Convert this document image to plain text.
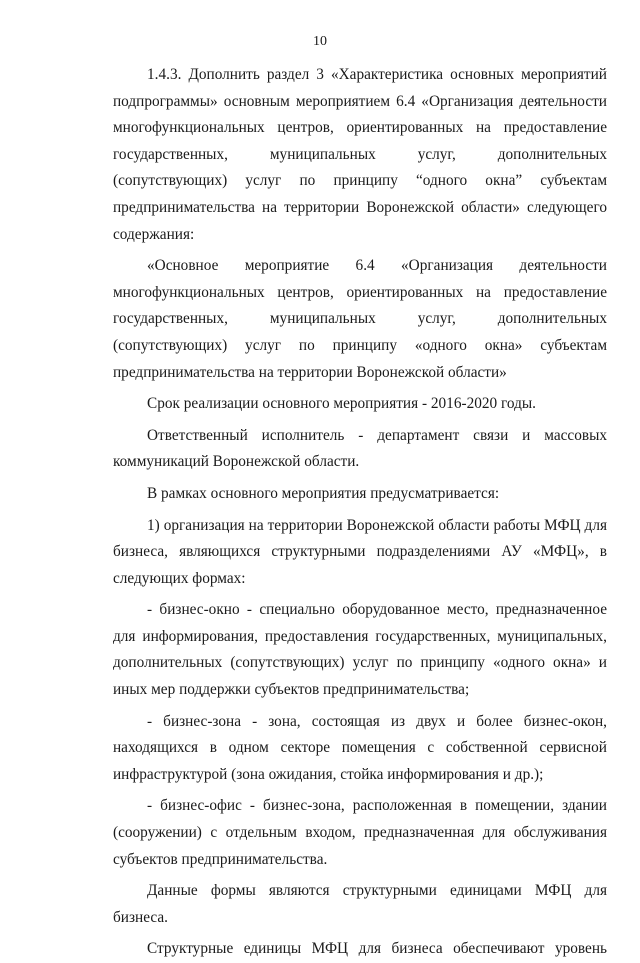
10

1.4.3. Дополнить раздел 3 «Характеристика основных мероприятий подпрограммы» основным мероприятием 6.4 «Организация деятельности многофункциональных центров, ориентированных на предоставление государственных, муниципальных услуг, дополнительных (сопутствующих) услуг по принципу “одного окна” субъектам предпринимательства на территории Воронежской области» следующего содержания:

«Основное мероприятие 6.4 «Организация деятельности многофункциональных центров, ориентированных на предоставление государственных, муниципальных услуг, дополнительных (сопутствующих) услуг по принципу «одного окна» субъектам предпринимательства на территории Воронежской области»

Срок реализации основного мероприятия - 2016-2020 годы.

Ответственный исполнитель - департамент связи и массовых коммуникаций Воронежской области.

В рамках основного мероприятия предусматривается:

1) организация на территории Воронежской области работы МФЦ для бизнеса, являющихся структурными подразделениями АУ «МФЦ», в следующих формах:

- бизнес-окно - специально оборудованное место, предназначенное для информирования, предоставления государственных, муниципальных, дополнительных (сопутствующих) услуг по принципу «одного окна» и иных мер поддержки субъектов предпринимательства;

- бизнес-зона - зона, состоящая из двух и более бизнес-окон, находящихся в одном секторе помещения с собственной сервисной инфраструктурой (зона ожидания, стойка информирования и др.);

- бизнес-офис - бизнес-зона, расположенная в помещении, здании (сооружении) с отдельным входом, предназначенная для обслуживания субъектов предпринимательства.

Данные формы являются структурными единицами МФЦ для бизнеса.

Структурные единицы МФЦ для бизнеса обеспечивают уровень
